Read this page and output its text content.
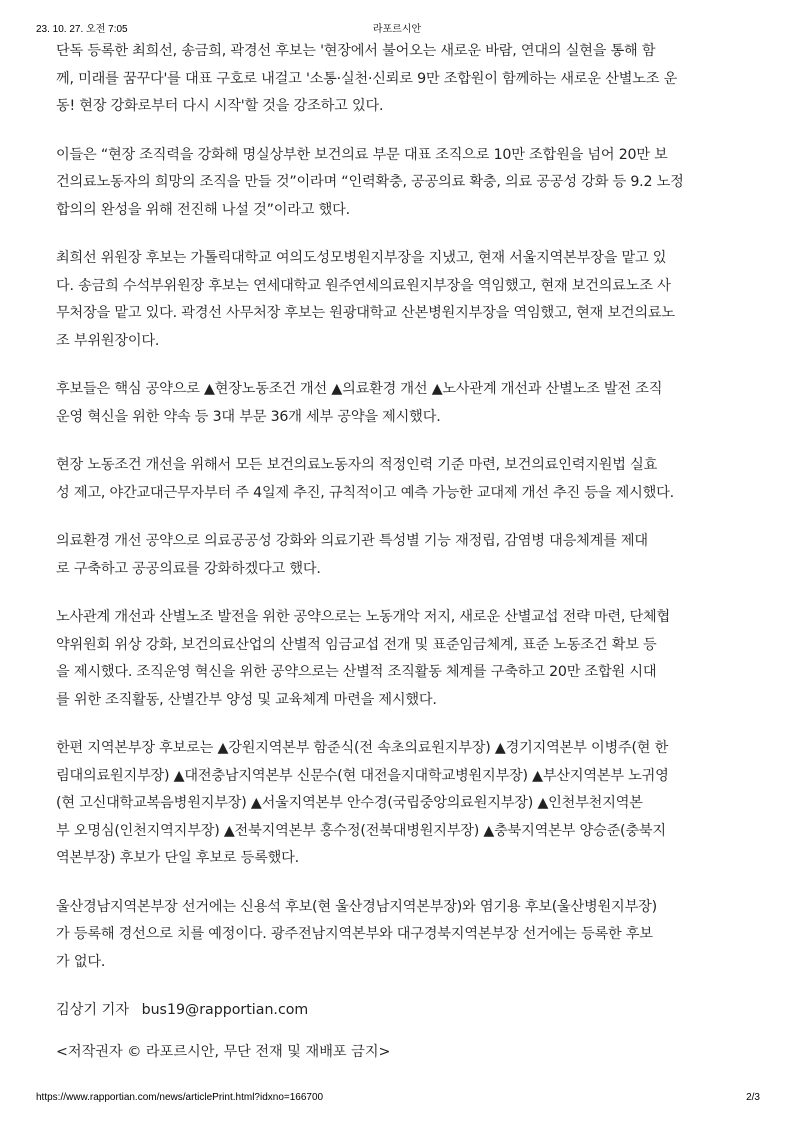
23. 10. 27. 오전 7:05	라포르시안

단독 등록한 최희선, 송금희, 곽경선 후보는 '현장에서 불어오는 새로운 바람, 연대의 실현을 통해 함
께, 미래를 꿈꾸다'를 대표 구호로 내걸고 '소통·실천·신뢰로 9만 조합원이 함께하는 새로운 산별노조 운
동! 현장 강화로부터 다시 시작'할 것을 강조하고 있다.

이들은 “현장 조직력을 강화해 명실상부한 보건의료 부문 대표 조직으로 10만 조합원을 넘어 20만 보
건의료노동자의 희망의 조직을 만들 것”이라며 “인력확충, 공공의료 확충, 의료 공공성 강화 등 9.2 노정
합의의 완성을 위해 전진해 나설 것”이라고 했다.

최희선 위원장 후보는 가톨릭대학교 여의도성모병원지부장을 지냈고, 현재 서울지역본부장을 맡고 있
다. 송금희 수석부위원장 후보는 연세대학교 원주연세의료원지부장을 역임했고, 현재 보건의료노조 사
무처장을 맡고 있다. 곽경선 사무처장 후보는 원광대학교 산본병원지부장을 역임했고, 현재 보건의료노
조 부위원장이다.

후보들은 핵심 공약으로 ▲현장노동조건 개선 ▲의료환경 개선 ▲노사관계 개선과 산별노조 발전 조직
운영 혁신을 위한 약속 등 3대 부문 36개 세부 공약을 제시했다.

현장 노동조건 개선을 위해서 모든 보건의료노동자의 적정인력 기준 마련, 보건의료인력지원법 실효
성 제고, 야간교대근무자부터 주 4일제 추진, 규칙적이고 예측 가능한 교대제 개선 추진 등을 제시했다.

의료환경 개선 공약으로 의료공공성 강화와 의료기관 특성별 기능 재정립, 감염병 대응체계를 제대
로 구축하고 공공의료를 강화하겠다고 했다.

노사관계 개선과 산별노조 발전을 위한 공약으로는 노동개악 저지, 새로운 산별교섭 전략 마련, 단체협
약위원회 위상 강화, 보건의료산업의 산별적 임금교섭 전개 및 표준임금체계, 표준 노동조건 확보 등
을 제시했다. 조직운영 혁신을 위한 공약으로는 산별적 조직활동 체계를 구축하고 20만 조합원 시대
를 위한 조직활동, 산별간부 양성 및 교육체계 마련을 제시했다.

한편 지역본부장 후보로는 ▲강원지역본부 함준식(전 속초의료원지부장) ▲경기지역본부 이병주(현 한
림대의료원지부장) ▲대전충남지역본부 신문수(현 대전을지대학교병원지부장) ▲부산지역본부 노귀영
(현 고신대학교복음병원지부장) ▲서울지역본부 안수경(국립중앙의료원지부장) ▲인천부천지역본
부 오명심(인천지역지부장) ▲전북지역본부 홍수정(전북대병원지부장) ▲충북지역본부 양승준(충북지
역본부장) 후보가 단일 후보로 등록했다.

울산경남지역본부장 선거에는 신용석 후보(현 울산경남지역본부장)와 염기용 후보(울산병원지부장)
가 등록해 경선으로 치를 예정이다. 광주전남지역본부와 대구경북지역본부장 선거에는 등록한 후보
가 없다.

김상기 기자 bus19@rapportian.com
<저작권자 © 라포르시안, 무단 전재 및 재배포 금지>
https://www.rapportian.com/news/articlePrint.html?idxno=166700	2/3
